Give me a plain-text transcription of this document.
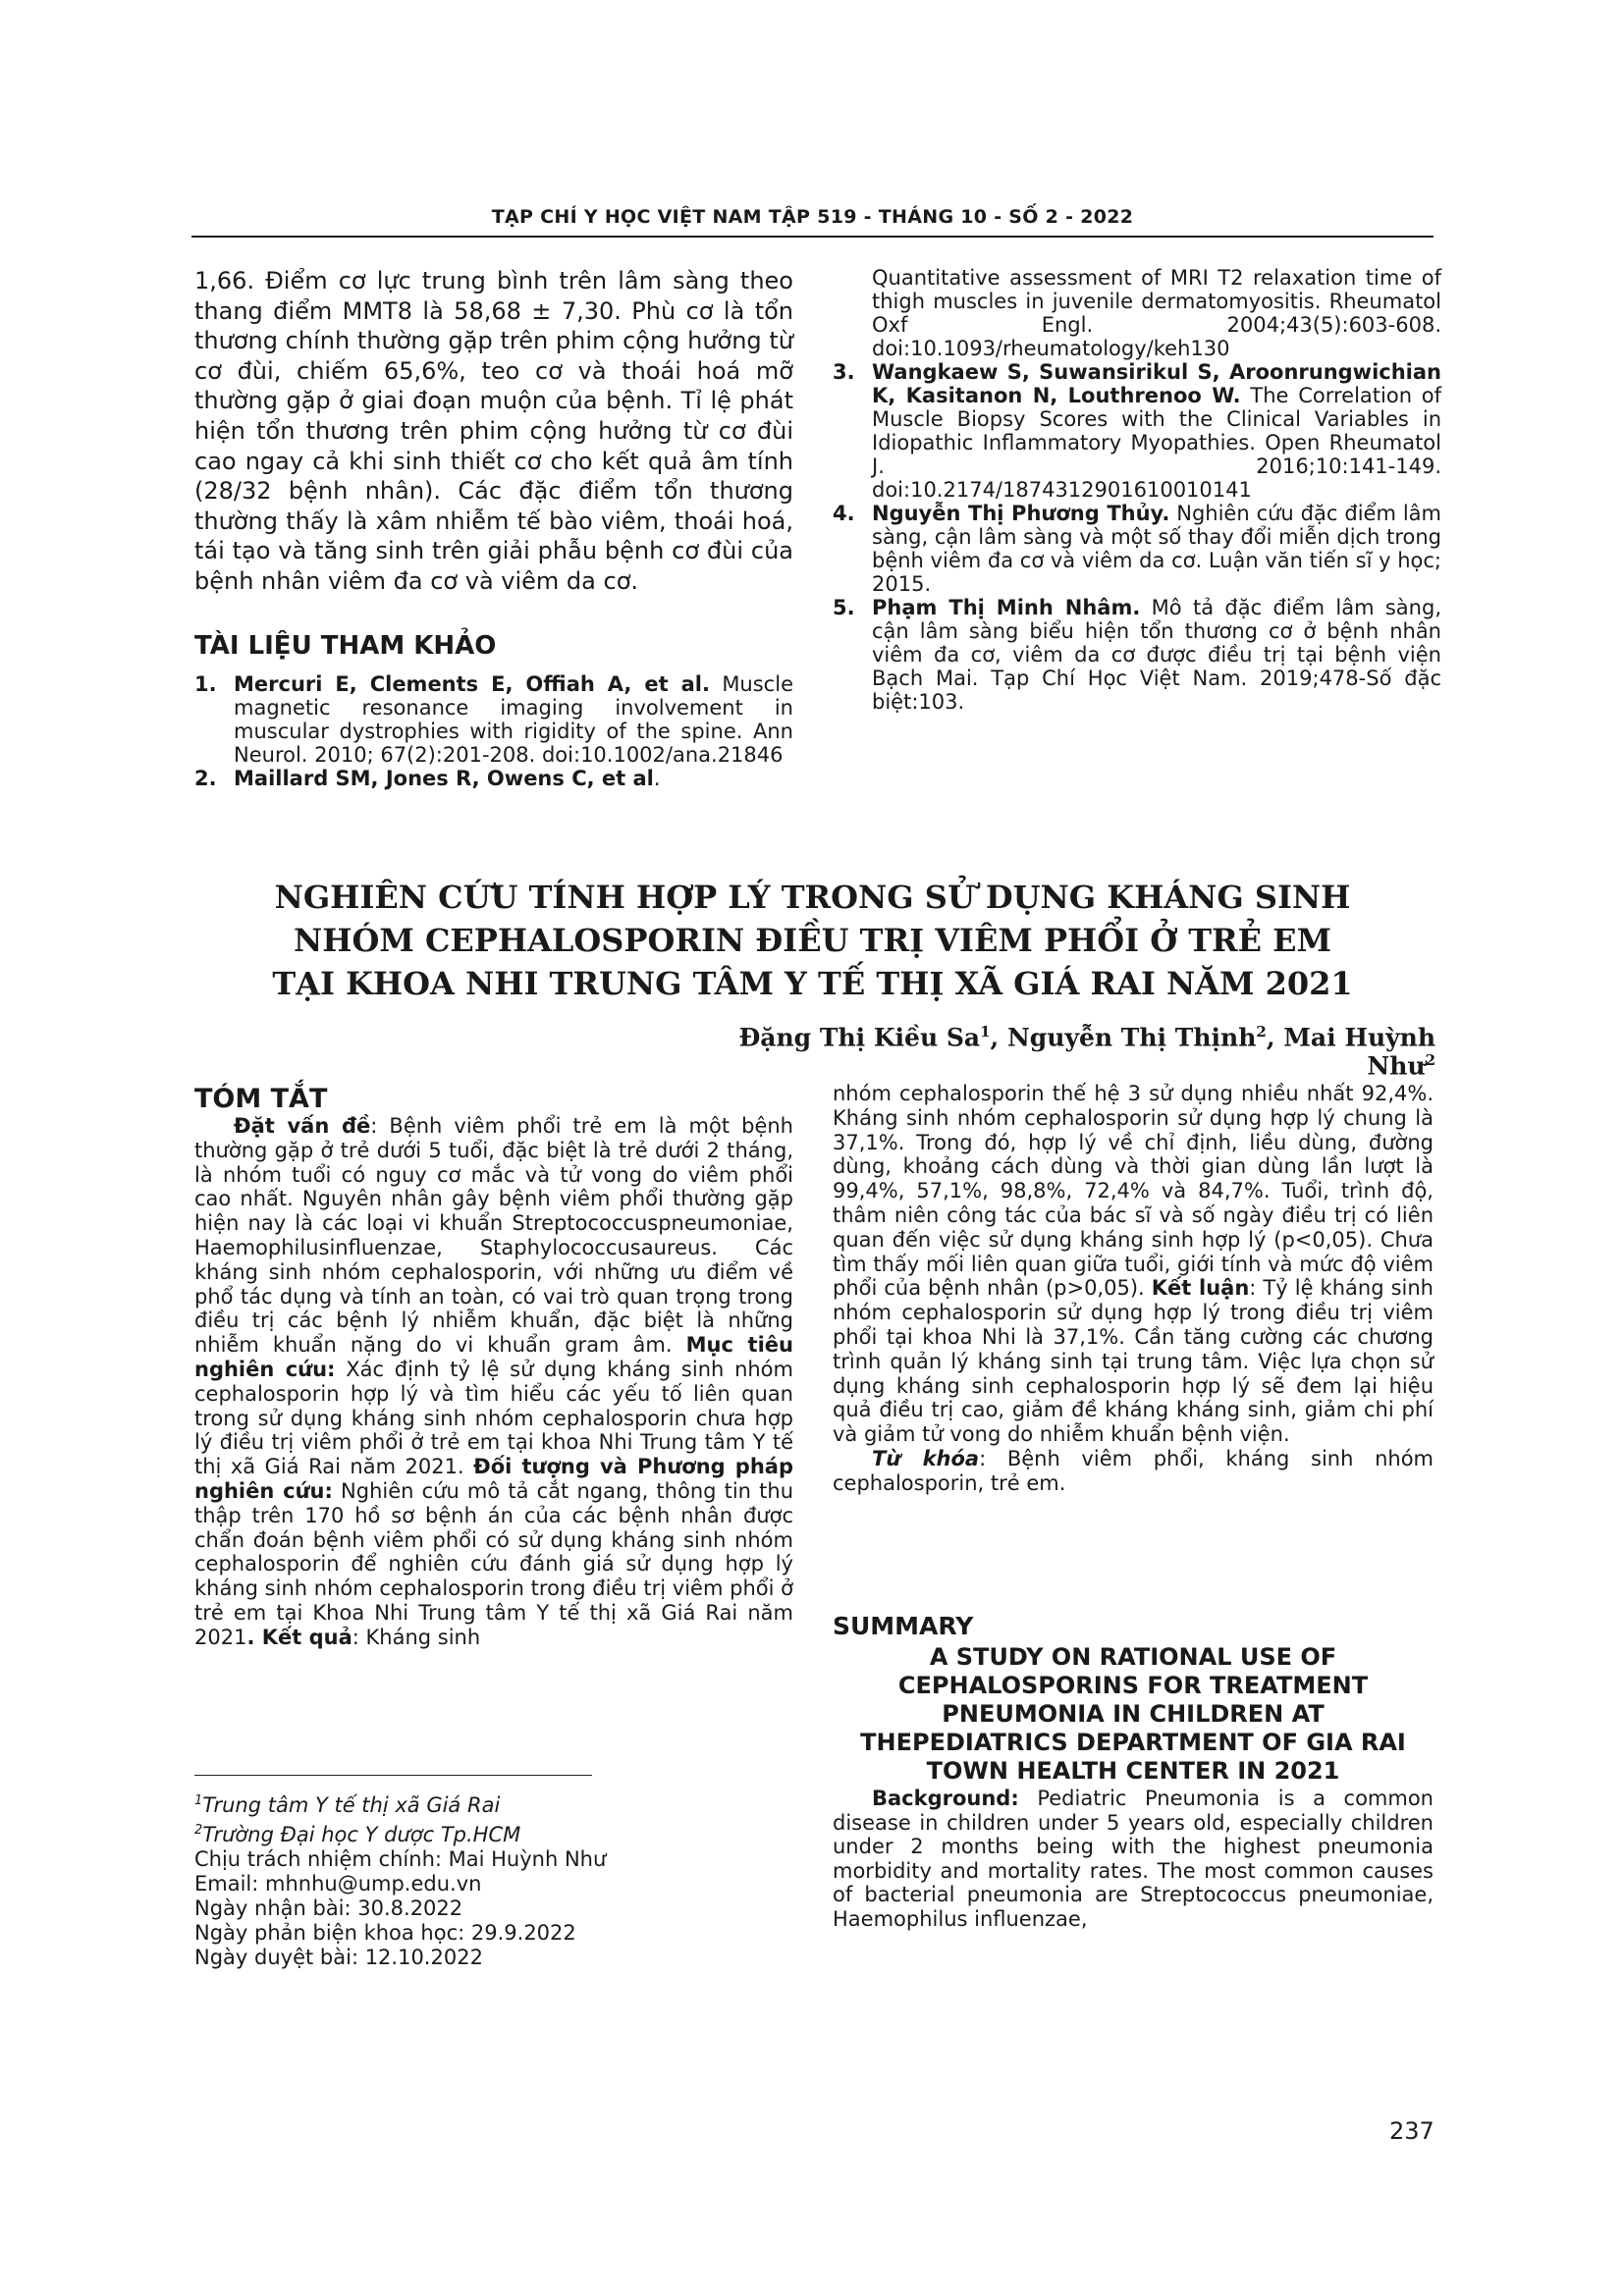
TẠP CHÍ Y HỌC VIỆT NAM TẬP 519 - THÁNG 10 - SỐ 2 - 2022
1,66. Điểm cơ lực trung bình trên lâm sàng theo thang điểm MMT8 là 58,68 ± 7,30. Phù cơ là tổn thương chính thường gặp trên phim cộng hưởng từ cơ đùi, chiếm 65,6%, teo cơ và thoái hoá mỡ thường gặp ở giai đoạn muộn của bệnh. Tỉ lệ phát hiện tổn thương trên phim cộng hưởng từ cơ đùi cao ngay cả khi sinh thiết cơ cho kết quả âm tính (28/32 bệnh nhân). Các đặc điểm tổn thương thường thấy là xâm nhiễm tế bào viêm, thoái hoá, tái tạo và tăng sinh trên giải phẫu bệnh cơ đùi của bệnh nhân viêm đa cơ và viêm da cơ.
TÀI LIỆU THAM KHẢO
1. Mercuri E, Clements E, Offiah A, et al. Muscle magnetic resonance imaging involvement in muscular dystrophies with rigidity of the spine. Ann Neurol. 2010; 67(2):201-208. doi:10.1002/ana.21846
2. Maillard SM, Jones R, Owens C, et al.
Quantitative assessment of MRI T2 relaxation time of thigh muscles in juvenile dermatomyositis. Rheumatol Oxf Engl. 2004;43(5):603-608. doi:10.1093/rheumatology/keh130
3. Wangkaew S, Suwansirikul S, Aroonrungwichian K, Kasitanon N, Louthrenoo W. The Correlation of Muscle Biopsy Scores with the Clinical Variables in Idiopathic Inflammatory Myopathies. Open Rheumatol J. 2016;10:141-149. doi:10.2174/1874312901610010141
4. Nguyễn Thị Phương Thủy. Nghiên cứu đặc điểm lâm sàng, cận lâm sàng và một số thay đổi miễn dịch trong bệnh viêm đa cơ và viêm da cơ. Luận văn tiến sĩ y học; 2015.
5. Phạm Thị Minh Nhâm. Mô tả đặc điểm lâm sàng, cận lâm sàng biểu hiện tổn thương cơ ở bệnh nhân viêm đa cơ, viêm da cơ được điều trị tại bệnh viện Bạch Mai. Tạp Chí Học Việt Nam. 2019;478-Số đặc biệt:103.
NGHIÊN CỨU TÍNH HỢP LÝ TRONG SỬ DỤNG KHÁNG SINH
NHÓM CEPHALOSPORIN ĐIỀU TRỊ VIÊM PHỔI Ở TRẺ EM
TẠI KHOA NHI TRUNG TÂM Y TẾ THỊ XÃ GIÁ RAI NĂM 2021
Đặng Thị Kiều Sa$^1$, Nguyễn Thị Thịnh$^2$, Mai Huỳnh Như$^2$
TÓM TẮT
Đặt vấn đề: Bệnh viêm phổi trẻ em là một bệnh thường gặp ở trẻ dưới 5 tuổi, đặc biệt là trẻ dưới 2 tháng, là nhóm tuổi có nguy cơ mắc và tử vong do viêm phổi cao nhất. Nguyên nhân gây bệnh viêm phổi thường gặp hiện nay là các loại vi khuẩn Streptococcuspneumoniae, Haemophilusinfluenzae, Staphylococcusaureus. Các kháng sinh nhóm cephalosporin, với những ưu điểm về phổ tác dụng và tính an toàn, có vai trò quan trọng trong điều trị các bệnh lý nhiễm khuẩn, đặc biệt là những nhiễm khuẩn nặng do vi khuẩn gram âm. Mục tiêu nghiên cứu: Xác định tỷ lệ sử dụng kháng sinh nhóm cephalosporin hợp lý và tìm hiểu các yếu tố liên quan trong sử dụng kháng sinh nhóm cephalosporin chưa hợp lý điều trị viêm phổi ở trẻ em tại khoa Nhi Trung tâm Y tế thị xã Giá Rai năm 2021. Đối tượng và Phương pháp nghiên cứu: Nghiên cứu mô tả cắt ngang, thông tin thu thập trên 170 hồ sơ bệnh án của các bệnh nhân được chẩn đoán bệnh viêm phổi có sử dụng kháng sinh nhóm cephalosporin để nghiên cứu đánh giá sử dụng hợp lý kháng sinh nhóm cephalosporin trong điều trị viêm phổi ở trẻ em tại Khoa Nhi Trung tâm Y tế thị xã Giá Rai năm 2021. Kết quả: Kháng sinh
nhóm cephalosporin thế hệ 3 sử dụng nhiều nhất 92,4%. Kháng sinh nhóm cephalosporin sử dụng hợp lý chung là 37,1%. Trong đó, hợp lý về chỉ định, liều dùng, đường dùng, khoảng cách dùng và thời gian dùng lần lượt là 99,4%, 57,1%, 98,8%, 72,4% và 84,7%. Tuổi, trình độ, thâm niên công tác của bác sĩ và số ngày điều trị có liên quan đến việc sử dụng kháng sinh hợp lý (p<0,05). Chưa tìm thấy mối liên quan giữa tuổi, giới tính và mức độ viêm phổi của bệnh nhân (p>0,05). Kết luận: Tỷ lệ kháng sinh nhóm cephalosporin sử dụng hợp lý trong điều trị viêm phổi tại khoa Nhi là 37,1%. Cần tăng cường các chương trình quản lý kháng sinh tại trung tâm. Việc lựa chọn sử dụng kháng sinh cephalosporin hợp lý sẽ đem lại hiệu quả điều trị cao, giảm đề kháng kháng sinh, giảm chi phí và giảm tử vong do nhiễm khuẩn bệnh viện.
Từ khóa: Bệnh viêm phổi, kháng sinh nhóm cephalosporin, trẻ em.
SUMMARY
A STUDY ON RATIONAL USE OF
CEPHALOSPORINS FOR TREATMENT
PNEUMONIA IN CHILDREN AT
THEPEDIATRICS DEPARTMENT OF GIA RAI
TOWN HEALTH CENTER IN 2021
Background: Pediatric Pneumonia is a common disease in children under 5 years old, especially children under 2 months being with the highest pneumonia morbidity and mortality rates. The most common causes of bacterial pneumonia are Streptococcus pneumoniae, Haemophilus influenzae,
$^1$Trung tâm Y tế thị xã Giá Rai
$^2$Trường Đại học Y dược Tp.HCM
Chịu trách nhiệm chính: Mai Huỳnh Như
Email: mhnhu@ump.edu.vn
Ngày nhận bài: 30.8.2022
Ngày phản biện khoa học: 29.9.2022
Ngày duyệt bài: 12.10.2022
237
